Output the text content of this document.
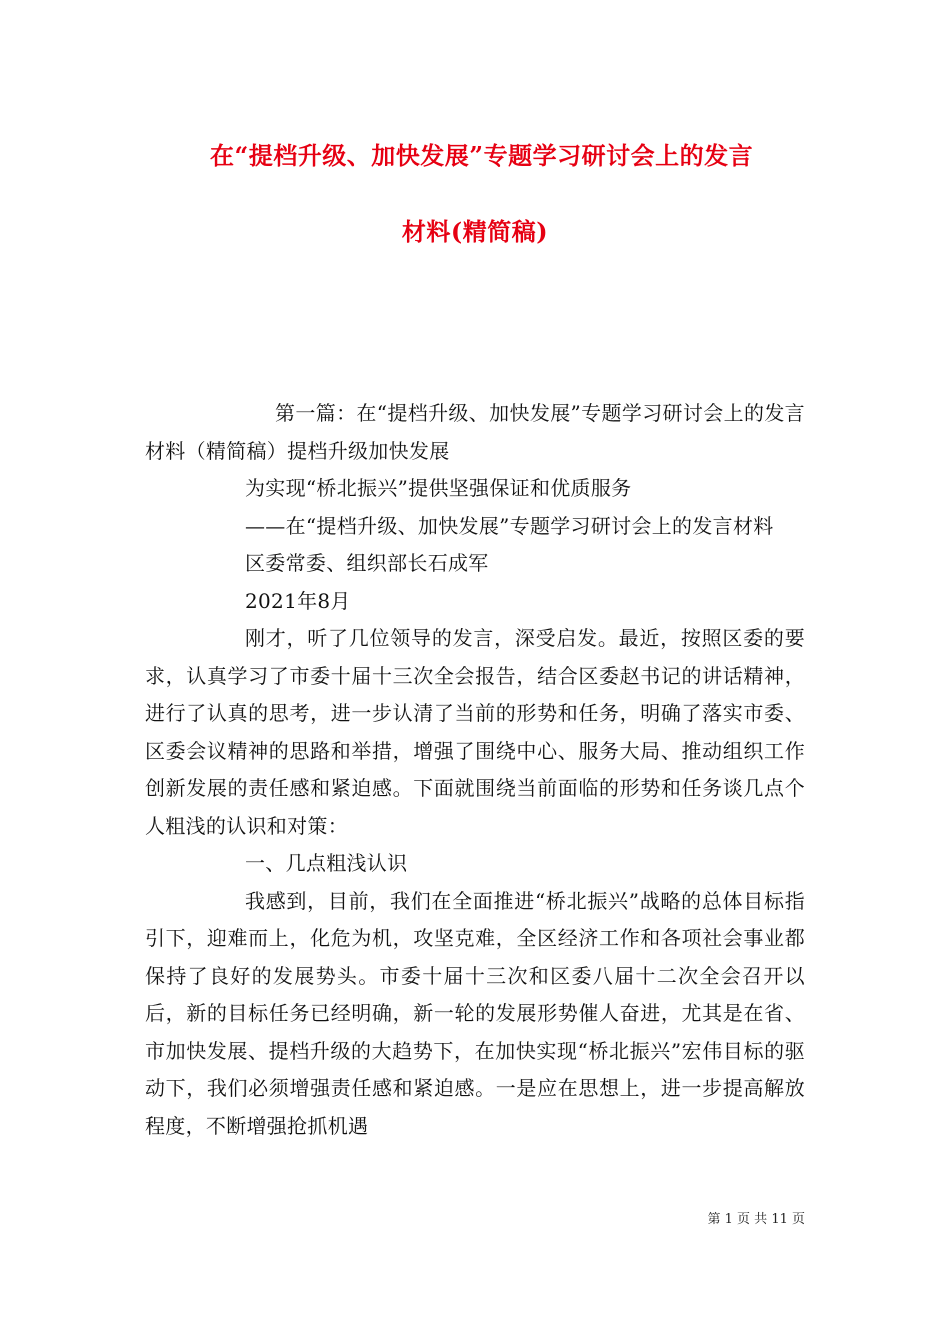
在“提档升级、加快发展”专题学习研讨会上的发言
材料(精简稿)

第一篇：在“提档升级、加快发展”专题学习研讨会上的发言材料（精简稿）提档升级加快发展

为实现“桥北振兴”提供坚强保证和优质服务

——在“提档升级、加快发展”专题学习研讨会上的发言材料

区委常委、组织部长石成军

2021年8月

刚才，听了几位领导的发言，深受启发。最近，按照区委的要求，认真学习了市委十届十三次全会报告，结合区委赵书记的讲话精神，进行了认真的思考，进一步认清了当前的形势和任务，明确了落实市委、区委会议精神的思路和举措，增强了围绕中心、服务大局、推动组织工作创新发展的责任感和紧迫感。下面就围绕当前面临的形势和任务谈几点个人粗浅的认识和对策：

一、几点粗浅认识

我感到，目前，我们在全面推进“桥北振兴”战略的总体目标指引下，迎难而上，化危为机，攻坚克难，全区经济工作和各项社会事业都保持了良好的发展势头。市委十届十三次和区委八届十二次全会召开以后，新的目标任务已经明确，新一轮的发展形势催人奋进，尤其是在省、市加快发展、提档升级的大趋势下，在加快实现“桥北振兴”宏伟目标的驱动下，我们必须增强责任感和紧迫感。一是应在思想上，进一步提高解放程度，不断增强抢抓机遇

第 1 页 共 11 页
